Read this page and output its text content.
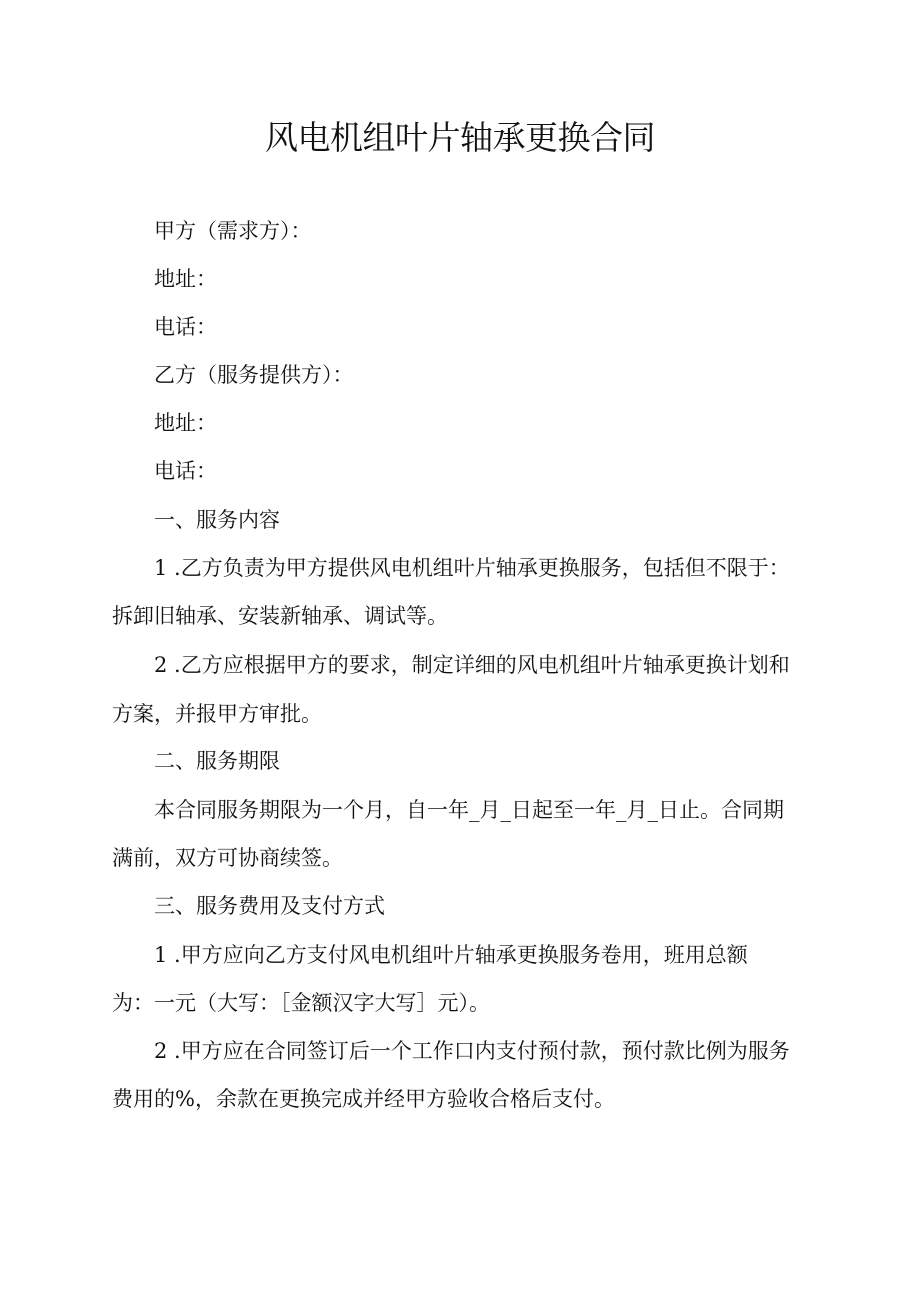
风电机组叶片轴承更换合同
甲方（需求方）：
地址：
电话：
乙方（服务提供方）：
地址：
电话：
一、服务内容
1 .乙方负责为甲方提供风电机组叶片轴承更换服务，包括但不限于：
拆卸旧轴承、安装新轴承、调试等。
2 .乙方应根据甲方的要求，制定详细的风电机组叶片轴承更换计划和
方案，并报甲方审批。
二、服务期限
本合同服务期限为一个月，自一年_月_日起至一年_月_日止。合同期
满前，双方可协商续签。
三、服务费用及支付方式
1 .甲方应向乙方支付风电机组叶片轴承更换服务卷用，班用总额
为：一元（大写：［金额汉字大写］元）。
2 .甲方应在合同签订后一个工作口内支付预付款，预付款比例为服务
费用的%，余款在更换完成并经甲方验收合格后支付。
